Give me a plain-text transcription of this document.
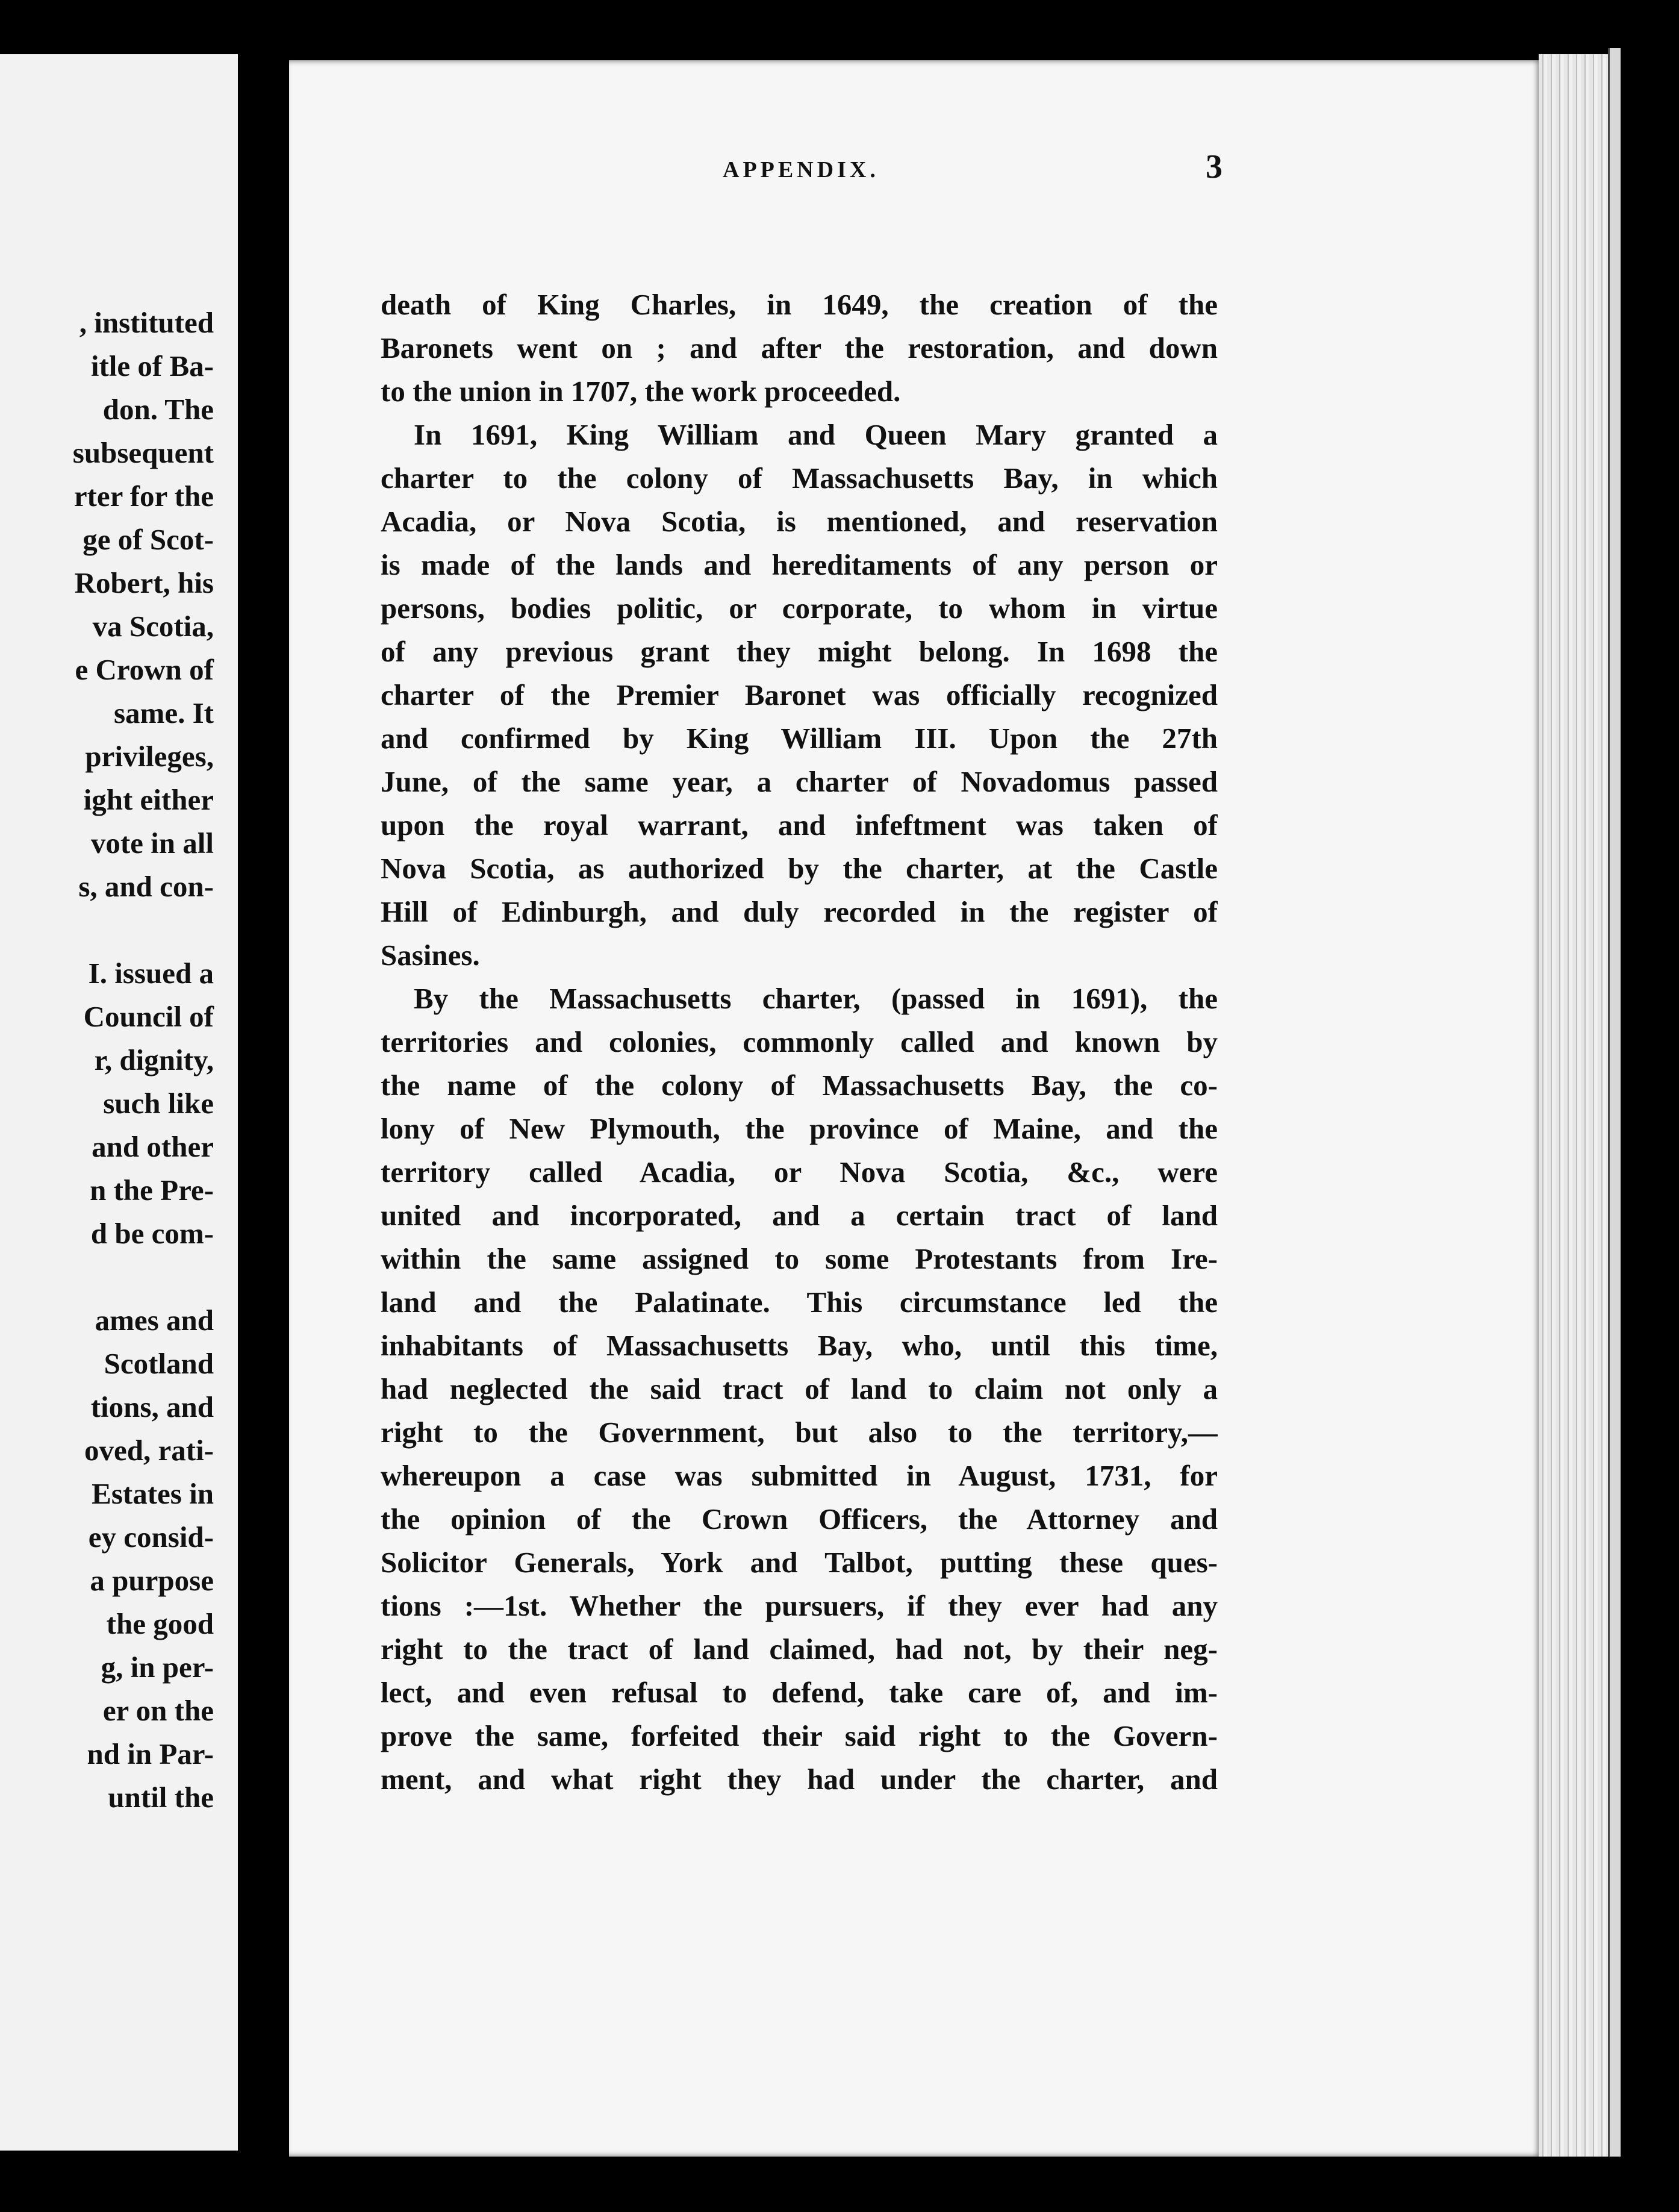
, instituted
itle of Ba-
don. The
subsequent
rter for the
ge of Scot-
Robert, his
va Scotia,
e Crown of
same. It
privileges,
ight either
vote in all
s, and con-
I. issued a
Council of
r, dignity,
such like
and other
n the Pre-
d be com-
ames and
Scotland
tions, and
oved, rati-
Estates in
ey consid-
a purpose
the good
g, in per-
er on the
nd in Par-
until the
APPENDIX.	3
death of King Charles, in 1649, the creation of the
Baronets went on ; and after the restoration, and down
to the union in 1707, the work proceeded.
In 1691, King William and Queen Mary granted a
charter to the colony of Massachusetts Bay, in which
Acadia, or Nova Scotia, is mentioned, and reservation
is made of the lands and hereditaments of any person or
persons, bodies politic, or corporate, to whom in virtue
of any previous grant they might belong. In 1698 the
charter of the Premier Baronet was officially recognized
and confirmed by King William III. Upon the 27th
June, of the same year, a charter of Novadomus passed
upon the royal warrant, and infeftment was taken of
Nova Scotia, as authorized by the charter, at the Castle
Hill of Edinburgh, and duly recorded in the register of
Sasines.
By the Massachusetts charter, (passed in 1691), the
territories and colonies, commonly called and known by
the name of the colony of Massachusetts Bay, the co-
lony of New Plymouth, the province of Maine, and the
territory called Acadia, or Nova Scotia, &c., were
united and incorporated, and a certain tract of land
within the same assigned to some Protestants from Ire-
land and the Palatinate. This circumstance led the
inhabitants of Massachusetts Bay, who, until this time,
had neglected the said tract of land to claim not only a
right to the Government, but also to the territory,—
whereupon a case was submitted in August, 1731, for
the opinion of the Crown Officers, the Attorney and
Solicitor Generals, York and Talbot, putting these ques-
tions :—1st. Whether the pursuers, if they ever had any
right to the tract of land claimed, had not, by their neg-
lect, and even refusal to defend, take care of, and im-
prove the same, forfeited their said right to the Govern-
ment, and what right they had under the charter, and
